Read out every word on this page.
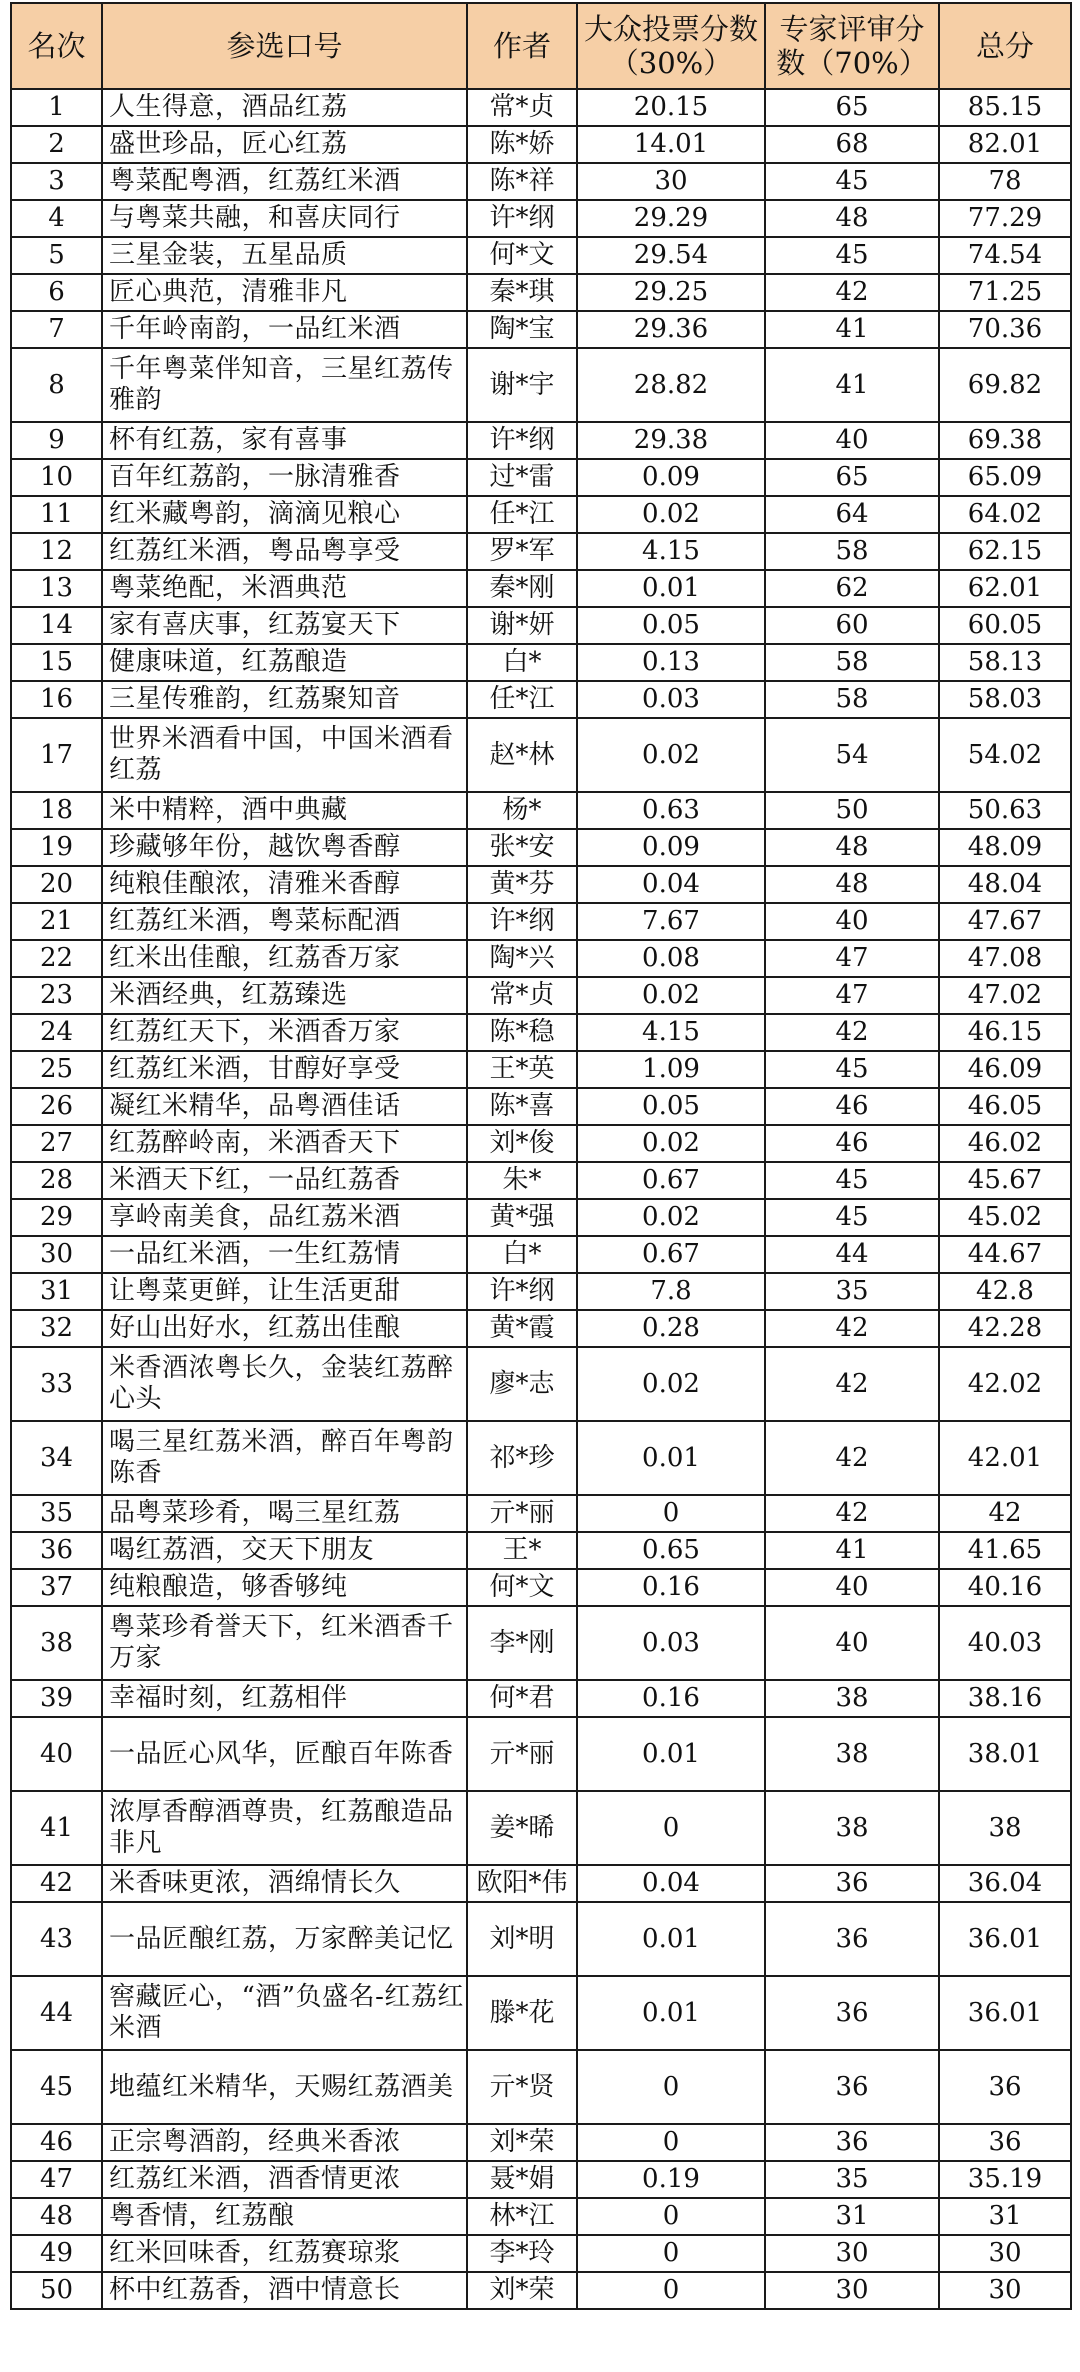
名次	参选口号	作者	大众投票分数（30%）	专家评审分数（70%）	总分
1	人生得意，酒品红荔	常*贞	20.15	65	85.15
2	盛世珍品，匠心红荔	陈*娇	14.01	68	82.01
3	粤菜配粤酒，红荔红米酒	陈*祥	30	45	78
4	与粤菜共融，和喜庆同行	许*纲	29.29	48	77.29
5	三星金装，五星品质	何*文	29.54	45	74.54
6	匠心典范，清雅非凡	秦*琪	29.25	42	71.25
7	千年岭南韵，一品红米酒	陶*宝	29.36	41	70.36
8	千年粤菜伴知音，三星红荔传雅韵	谢*宇	28.82	41	69.82
9	杯有红荔，家有喜事	许*纲	29.38	40	69.38
10	百年红荔韵，一脉清雅香	过*雷	0.09	65	65.09
11	红米藏粤韵，滴滴见粮心	任*江	0.02	64	64.02
12	红荔红米酒，粤品粤享受	罗*军	4.15	58	62.15
13	粤菜绝配，米酒典范	秦*刚	0.01	62	62.01
14	家有喜庆事，红荔宴天下	谢*妍	0.05	60	60.05
15	健康味道，红荔酿造	白*	0.13	58	58.13
16	三星传雅韵，红荔聚知音	任*江	0.03	58	58.03
17	世界米酒看中国，中国米酒看红荔	赵*林	0.02	54	54.02
18	米中精粹，酒中典藏	杨*	0.63	50	50.63
19	珍藏够年份，越饮粤香醇	张*安	0.09	48	48.09
20	纯粮佳酿浓，清雅米香醇	黄*芬	0.04	48	48.04
21	红荔红米酒，粤菜标配酒	许*纲	7.67	40	47.67
22	红米出佳酿，红荔香万家	陶*兴	0.08	47	47.08
23	米酒经典，红荔臻选	常*贞	0.02	47	47.02
24	红荔红天下，米酒香万家	陈*稳	4.15	42	46.15
25	红荔红米酒，甘醇好享受	王*英	1.09	45	46.09
26	凝红米精华，品粤酒佳话	陈*喜	0.05	46	46.05
27	红荔醉岭南，米酒香天下	刘*俊	0.02	46	46.02
28	米酒天下红，一品红荔香	朱*	0.67	45	45.67
29	享岭南美食，品红荔米酒	黄*强	0.02	45	45.02
30	一品红米酒，一生红荔情	白*	0.67	44	44.67
31	让粤菜更鲜，让生活更甜	许*纲	7.8	35	42.8
32	好山出好水，红荔出佳酿	黄*霞	0.28	42	42.28
33	米香酒浓粤长久，金装红荔醉心头	廖*志	0.02	42	42.02
34	喝三星红荔米酒，醉百年粤韵陈香	祁*珍	0.01	42	42.01
35	品粤菜珍肴，喝三星红荔	亓*丽	0	42	42
36	喝红荔酒，交天下朋友	王*	0.65	41	41.65
37	纯粮酿造，够香够纯	何*文	0.16	40	40.16
38	粤菜珍肴誉天下，红米酒香千万家	李*刚	0.03	40	40.03
39	幸福时刻，红荔相伴	何*君	0.16	38	38.16
40	一品匠心风华，匠酿百年陈香	亓*丽	0.01	38	38.01
41	浓厚香醇酒尊贵，红荔酿造品非凡	姜*晞	0	38	38
42	米香味更浓，酒绵情长久	欧阳*伟	0.04	36	36.04
43	一品匠酿红荔，万家醉美记忆	刘*明	0.01	36	36.01
44	窖藏匠心，“酒”负盛名-红荔红米酒	滕*花	0.01	36	36.01
45	地蕴红米精华，天赐红荔酒美	亓*贤	0	36	36
46	正宗粤酒韵，经典米香浓	刘*荣	0	36	36
47	红荔红米酒，酒香情更浓	聂*娟	0.19	35	35.19
48	粤香情，红荔酿	林*江	0	31	31
49	红米回味香，红荔赛琼浆	李*玲	0	30	30
50	杯中红荔香，酒中情意长	刘*荣	0	30	30
